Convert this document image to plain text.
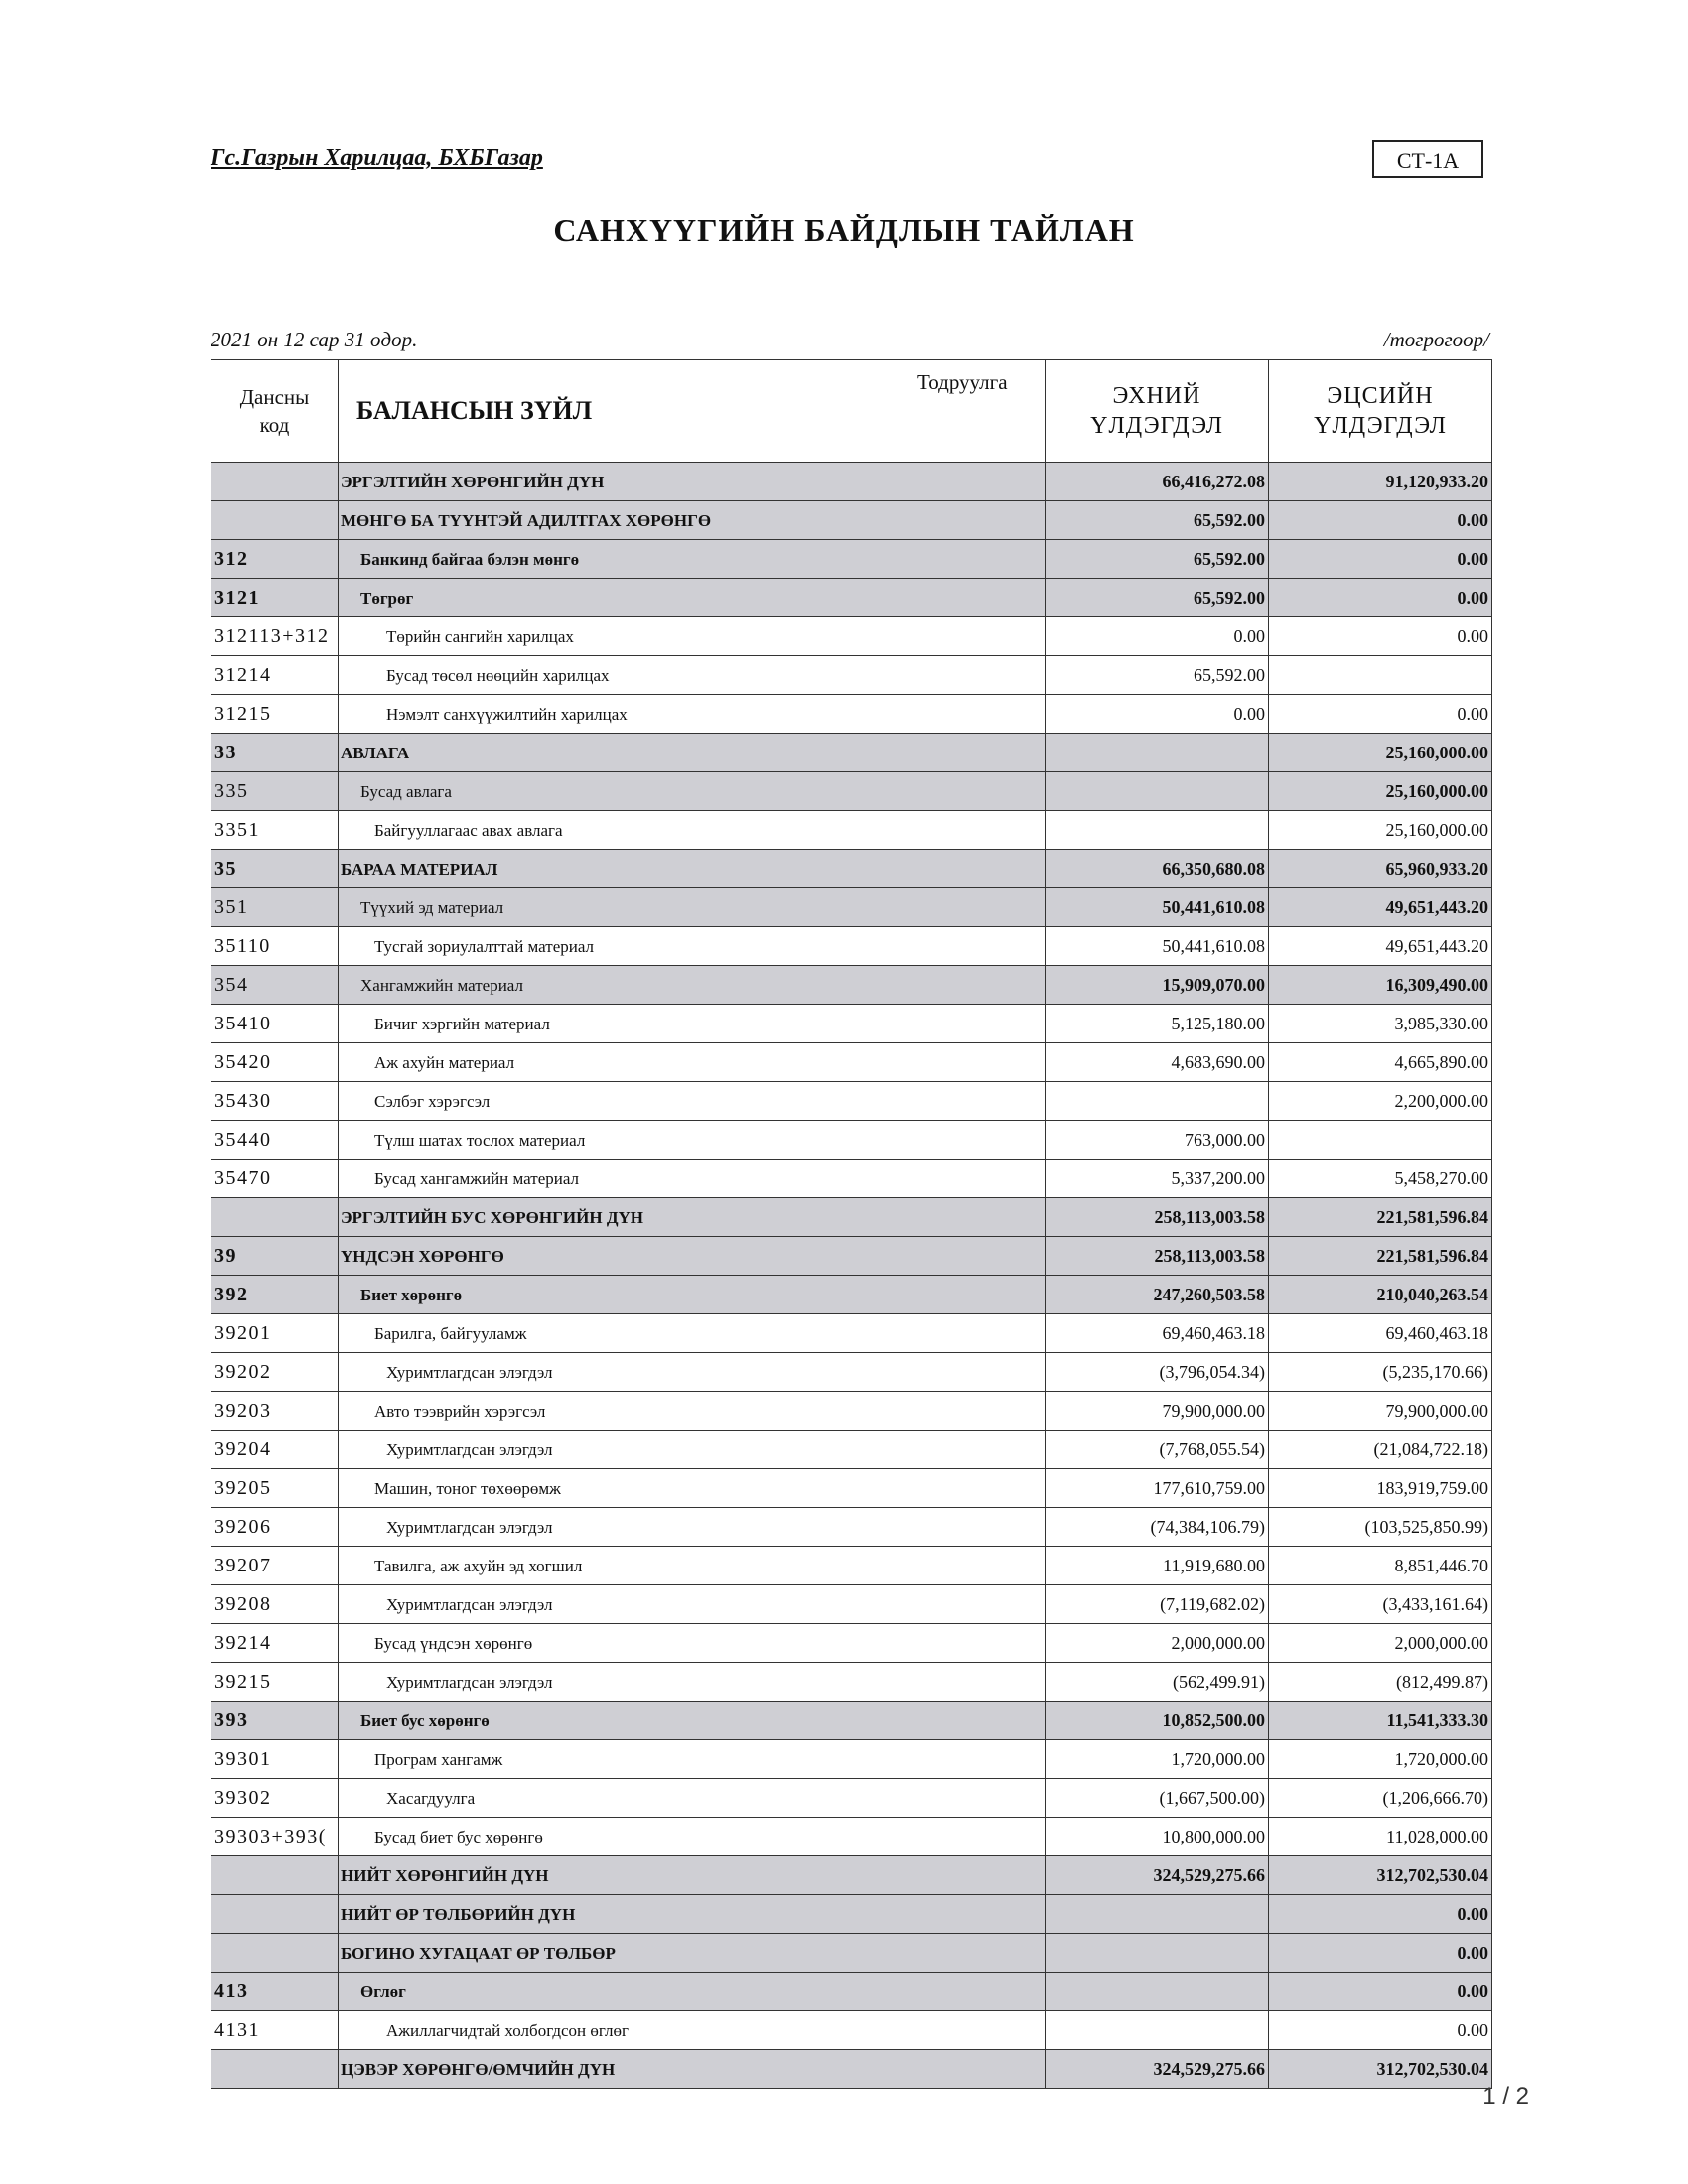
Гс.Газрын Харилцаа, БХБГазар	СТ-1А
САНХҮҮГИЙН БАЙДЛЫН ТАЙЛАН
2021 он 12 сар 31 өдөр.	/төгрөгөөр/
Дансны
код	БАЛАНСЫН ЗҮЙЛ	Тодруулга	ЭХНИЙ
ҮЛДЭГДЭЛ	ЭЦСИЙН
ҮЛДЭГДЭЛ
	ЭРГЭЛТИЙН ХӨРӨНГИЙН ДҮН		66,416,272.08	91,120,933.20
	МӨНГӨ БА ТҮҮНТЭЙ АДИЛТГАХ ХӨРӨНГӨ		65,592.00	0.00
312	Банкинд байгаа бэлэн мөнгө		65,592.00	0.00
3121	Төгрөг		65,592.00	0.00
312113+312	Төрийн сангийн харилцах		0.00	0.00
31214	Бусад төсөл нөөцийн харилцах		65,592.00	
31215	Нэмэлт санхүүжилтийн харилцах		0.00	0.00
33	АВЛАГА			25,160,000.00
335	Бусад авлага			25,160,000.00
3351	Байгууллагаас авах авлага			25,160,000.00
35	БАРАА МАТЕРИАЛ		66,350,680.08	65,960,933.20
351	Түүхий эд материал		50,441,610.08	49,651,443.20
35110	Тусгай зориулалттай материал		50,441,610.08	49,651,443.20
354	Хангамжийн материал		15,909,070.00	16,309,490.00
35410	Бичиг хэргийн материал		5,125,180.00	3,985,330.00
35420	Аж ахуйн материал		4,683,690.00	4,665,890.00
35430	Сэлбэг хэрэгсэл			2,200,000.00
35440	Түлш шатах тослох материал		763,000.00	
35470	Бусад хангамжийн материал		5,337,200.00	5,458,270.00
	ЭРГЭЛТИЙН БУС ХӨРӨНГИЙН ДҮН		258,113,003.58	221,581,596.84
39	ҮНДСЭН ХӨРӨНГӨ		258,113,003.58	221,581,596.84
392	Биет хөрөнгө		247,260,503.58	210,040,263.54
39201	Барилга, байгууламж		69,460,463.18	69,460,463.18
39202	Хуримтлагдсан элэгдэл		(3,796,054.34)	(5,235,170.66)
39203	Авто тээврийн хэрэгсэл		79,900,000.00	79,900,000.00
39204	Хуримтлагдсан элэгдэл		(7,768,055.54)	(21,084,722.18)
39205	Машин, тоног төхөөрөмж		177,610,759.00	183,919,759.00
39206	Хуримтлагдсан элэгдэл		(74,384,106.79)	(103,525,850.99)
39207	Тавилга, аж ахуйн эд хогшил		11,919,680.00	8,851,446.70
39208	Хуримтлагдсан элэгдэл		(7,119,682.02)	(3,433,161.64)
39214	Бусад үндсэн хөрөнгө		2,000,000.00	2,000,000.00
39215	Хуримтлагдсан элэгдэл		(562,499.91)	(812,499.87)
393	Биет бус хөрөнгө		10,852,500.00	11,541,333.30
39301	Програм хангамж		1,720,000.00	1,720,000.00
39302	Хасагдуулга		(1,667,500.00)	(1,206,666.70)
39303+393(	Бусад биет бус хөрөнгө		10,800,000.00	11,028,000.00
	НИЙТ ХӨРӨНГИЙН ДҮН		324,529,275.66	312,702,530.04
	НИЙТ ӨР ТӨЛБӨРИЙН ДҮН			0.00
	БОГИНО ХУГАЦААТ ӨР ТӨЛБӨР			0.00
413	Өглөг			0.00
4131	Ажиллагчидтай холбогдсон өглөг			0.00
	ЦЭВЭР ХӨРӨНГӨ/ӨМЧИЙН ДҮН		324,529,275.66	312,702,530.04
1 / 2
